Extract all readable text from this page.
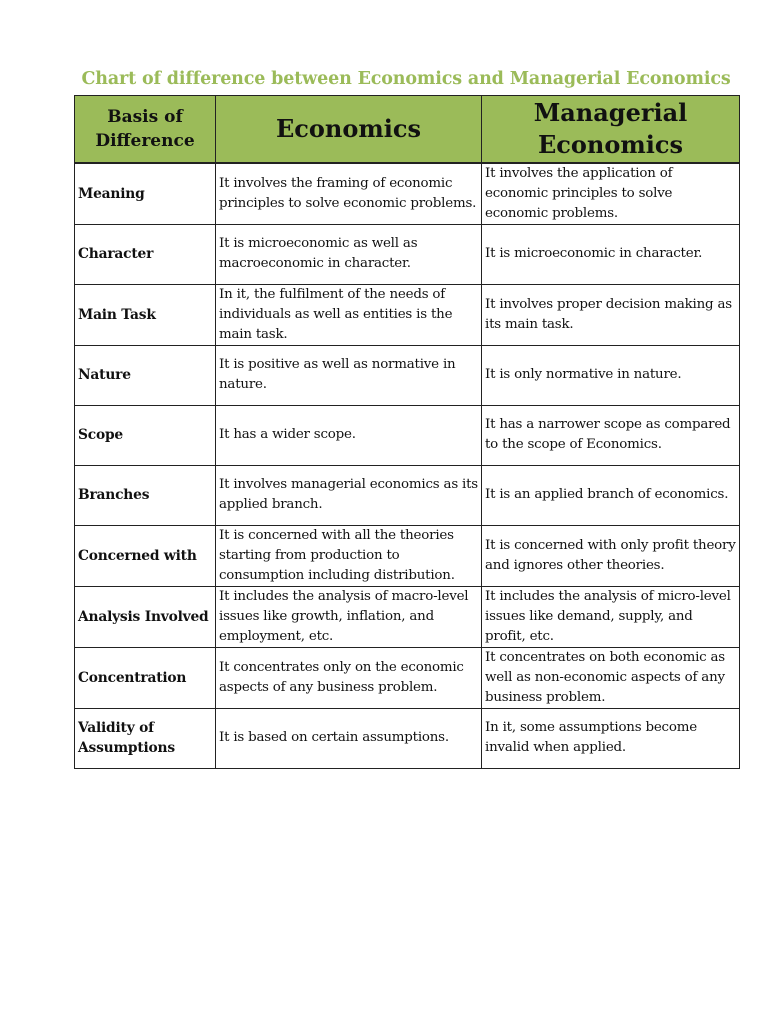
Chart of difference between Economics and Managerial Economics
Basis of Difference	Economics	Managerial Economics

Meaning	It involves the framing of economic principles to solve economic problems.	It involves the application of economic principles to solve economic problems.

Character	It is microeconomic as well as macroeconomic in character.	It is microeconomic in character.

Main Task	In it, the fulfilment of the needs of individuals as well as entities is the main task.	It involves proper decision making as its main task.

Nature	It is positive as well as normative in nature.	It is only normative in nature.

Scope	It has a wider scope.	It has a narrower scope as compared to the scope of Economics.

Branches	It involves managerial economics as its applied branch.	It is an applied branch of economics.

Concerned with	It is concerned with all the theories starting from production to consumption including distribution.	It is concerned with only profit theory and ignores other theories.

Analysis Involved	It includes the analysis of macro-level issues like growth, inflation, and employment, etc.	It includes the analysis of micro-level issues like demand, supply, and profit, etc.

Concentration	It concentrates only on the economic aspects of any business problem.	It concentrates on both economic as well as non-economic aspects of any business problem.

Validity of Assumptions	It is based on certain assumptions.	In it, some assumptions become invalid when applied.
